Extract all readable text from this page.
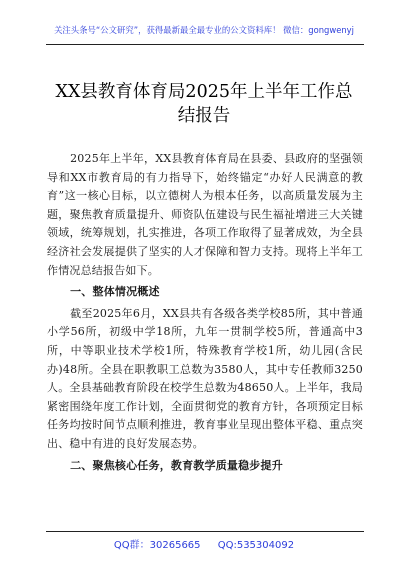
关注头条号“公文研究”，获得最新最全最专业的公文资料库！ 微信：gongwenyj
XX县教育体育局2025年上半年工作总
结报告

2025年上半年，XX县教育体育局在县委、县政府的坚强领导和XX市教育局的有力指导下，始终锚定“办好人民满意的教育”这一核心目标，以立德树人为根本任务，以高质量发展为主题，聚焦教育质量提升、师资队伍建设与民生福祉增进三大关键领域，统筹规划，扎实推进，各项工作取得了显著成效，为全县经济社会发展提供了坚实的人才保障和智力支持。现将上半年工作情况总结报告如下。

一、整体情况概述

截至2025年6月，XX县共有各级各类学校85所，其中普通小学56所，初级中学18所，九年一贯制学校5所，普通高中3所，中等职业技术学校1所，特殊教育学校1所，幼儿园(含民办)48所。全县在职教职工总数为3580人，其中专任教师3250人。全县基础教育阶段在校学生总数为48650人。上半年，我局紧密围绕年度工作计划，全面贯彻党的教育方针，各项预定目标任务均按时间节点顺利推进，教育事业呈现出整体平稳、重点突出、稳中有进的良好发展态势。

二、聚焦核心任务，教育教学质量稳步提升
QQ群：30265665 QQ:535304092
